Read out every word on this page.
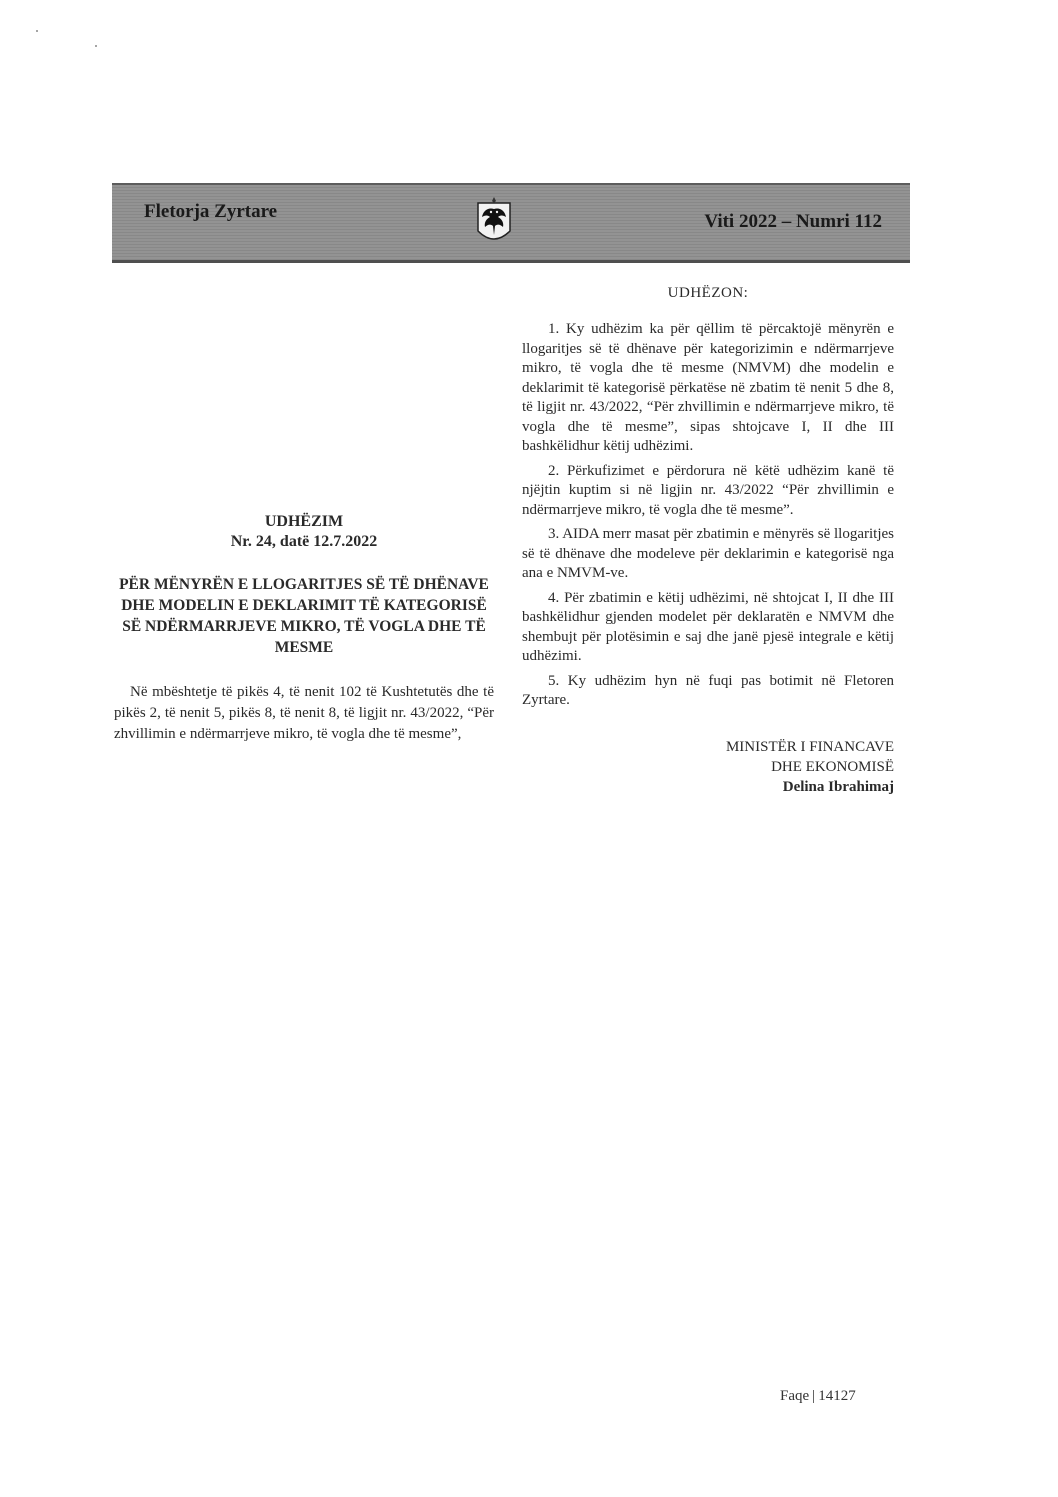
Fletorja Zyrtare	Viti 2022 – Numri 112
UDHËZIM
Nr. 24, datë 12.7.2022
PËR MËNYRËN E LLOGARITJES SË TË DHËNAVE DHE MODELIN E DEKLARIMIT TË KATEGORISË SË NDËRMARRJEVE MIKRO, TË VOGLA DHE TË MESME
Në mbështetje të pikës 4, të nenit 102 të Kushtetutës dhe të pikës 2, të nenit 5, pikës 8, të nenit 8, të ligjit nr. 43/2022, “Për zhvillimin e ndërmarrjeve mikro, të vogla dhe të mesme”,
UDHËZON:

1. Ky udhëzim ka për qëllim të përcaktojë mënyrën e llogaritjes së të dhënave për kategorizimin e ndërmarrjeve mikro, të vogla dhe të mesme (NMVM) dhe modelin e deklarimit të kategorisë përkatëse në zbatim të nenit 5 dhe 8, të ligjit nr. 43/2022, “Për zhvillimin e ndërmarrjeve mikro, të vogla dhe të mesme”, sipas shtojcave I, II dhe III bashkëlidhur këtij udhëzimi.

2. Përkufizimet e përdorura në këtë udhëzim kanë të njëjtin kuptim si në ligjin nr. 43/2022 “Për zhvillimin e ndërmarrjeve mikro, të vogla dhe të mesme”.

3. AIDA merr masat për zbatimin e mënyrës së llogaritjes së të dhënave dhe modeleve për deklarimin e kategorisë nga ana e NMVM-ve.

4. Për zbatimin e këtij udhëzimi, në shtojcat I, II dhe III bashkëlidhur gjenden modelet për deklaratën e NMVM dhe shembujt për plotësimin e saj dhe janë pjesë integrale e këtij udhëzimi.

5. Ky udhëzim hyn në fuqi pas botimit në Fletoren Zyrtare.

MINISTËR I FINANCAVE
DHE EKONOMISË
Delina Ibrahimaj
Faqe | 14127
